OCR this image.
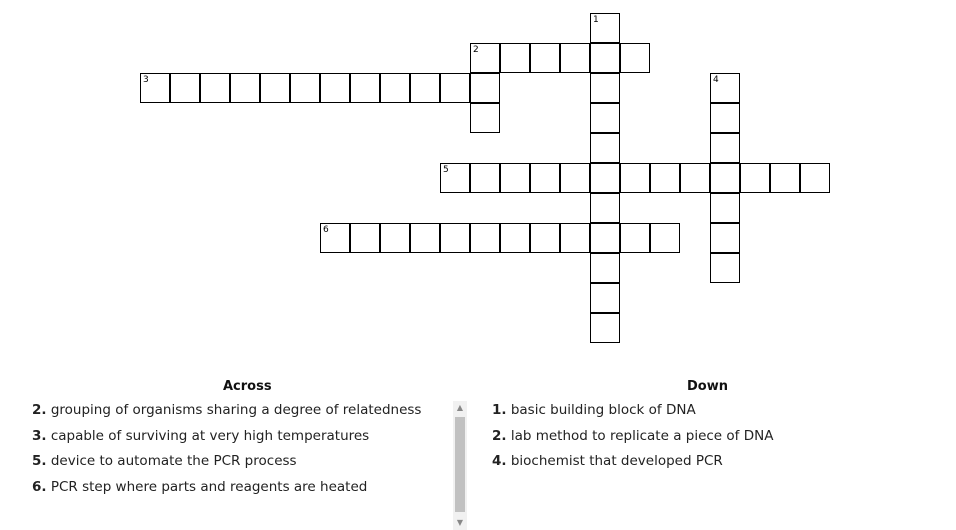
1
2
3	4
5
6
Across	Down
2. grouping of organisms sharing a degree of relatedness
3. capable of surviving at very high temperatures
5. device to automate the PCR process
6. PCR step where parts and reagents are heated
▲
▼
1. basic building block of DNA
2. lab method to replicate a piece of DNA
4. biochemist that developed PCR
